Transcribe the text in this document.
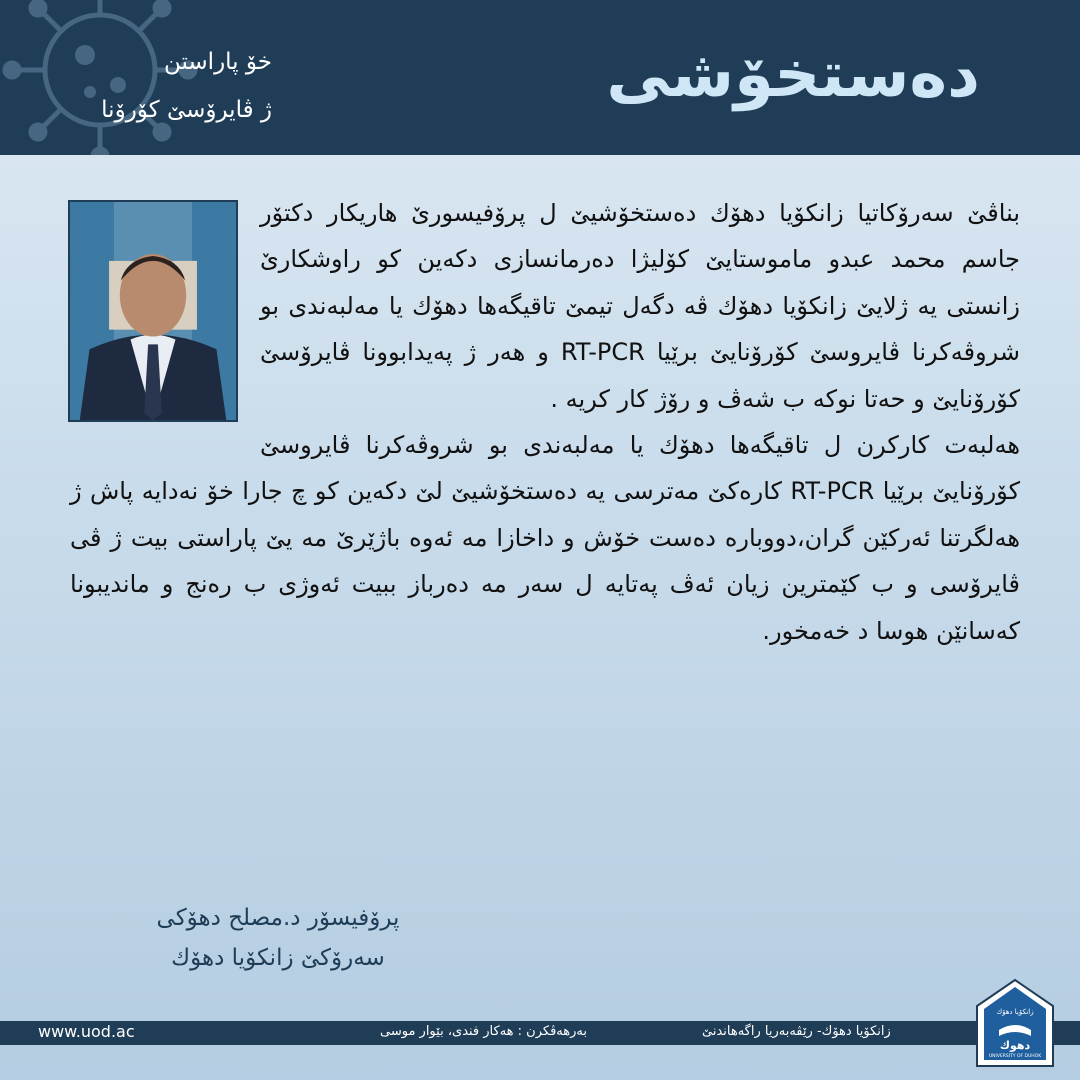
خۆ پاراستن
ژ ڤایرۆسێ کۆرۆنا	دەستخۆشی

بناڤێ سەرۆکاتیا زانکۆیا دهۆك دەستخۆشیێ ل پرۆفیسورێ هاریکار دکتۆر جاسم محمد عبدو ماموستایێ کۆلیژا دەرمانسازی دکەین کو راوشکارێ زانستی یە ژلایێ زانکۆیا دهۆك ڤە دگەل تیمێ تاقیگەها دهۆك یا مەلبەندی بو شروڤەکرنا ڤایروسێ کۆرۆنایێ برێیا RT-PCR و هەر ژ پەیدابوونا ڤایرۆسێ کۆرۆنایێ و حەتا نوکە ب شەڤ و رۆژ کار کریە .

هەلبەت کارکرن ل تاقیگەها دهۆك یا مەلبەندی بو شروڤەکرنا ڤایروسێ کۆرۆنایێ برێیا RT-PCR کارەکێ مەترسی یە دەستخۆشیێ لێ دکەین کو چ جارا خۆ نەدایە پاش ژ هەلگرتنا ئەرکێن گران،دووبارە دەست خۆش و داخازا مە ئەوە باژێرێ مە یێ پاراستی بیت ژ ڤی ڤایرۆسی و ب کێمترین زیان ئەڤ پەتایە ل سەر مە دەرباز ببیت ئەوژی ب رەنج و ماندیبونا کەسانێن هوسا د خەمخور.

پرۆفیسۆر د.مصلح دهۆکی
سەرۆکێ زانکۆیا دهۆك
www.uod.ac	بەرهەڤکرن : هەکار فندی، بێوار موسی	زانکۆیا دهۆك- رێڤەبەریا راگەهاندنێ
زانكۆیا دهۆك
دهوك
UNIVERSITY OF DUHOK
